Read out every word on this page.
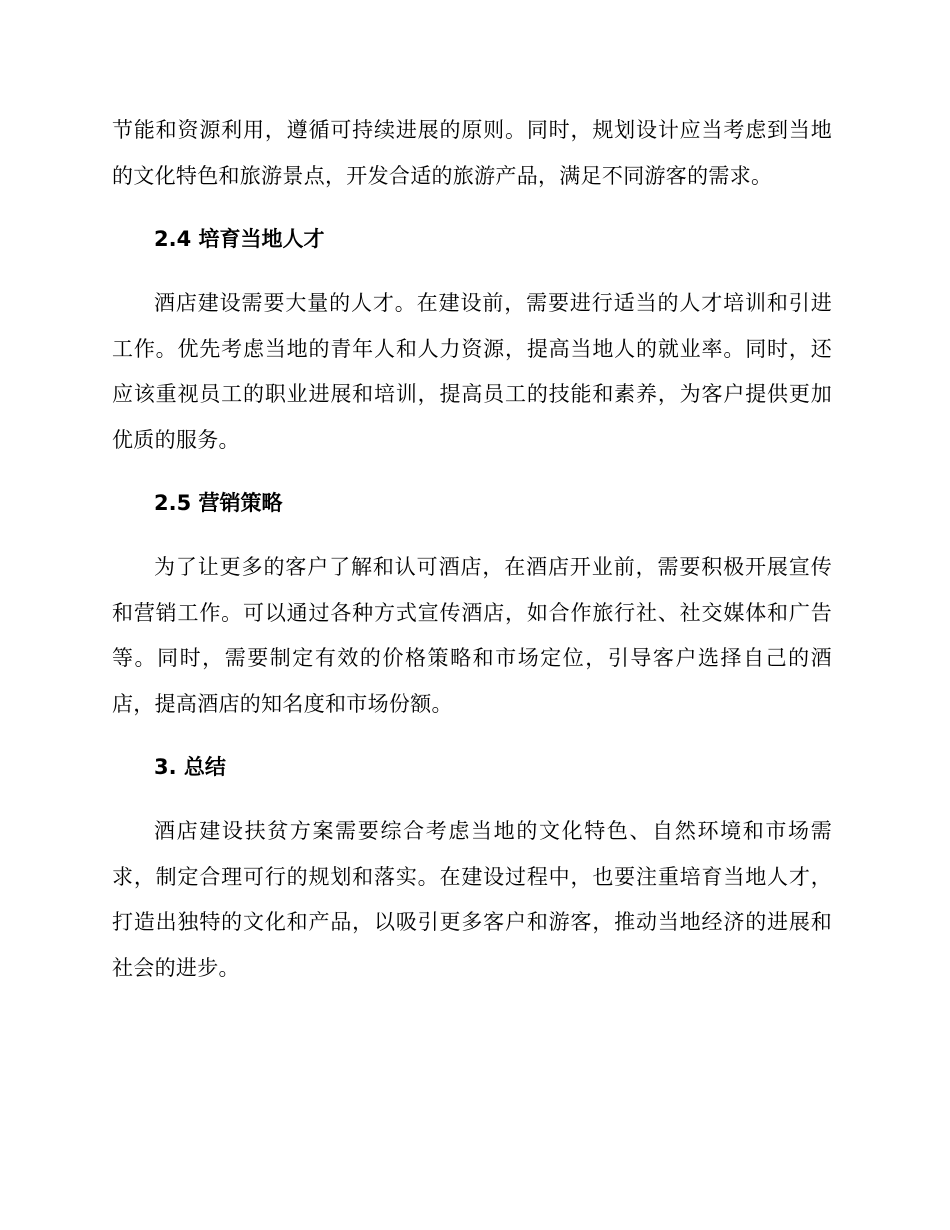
节能和资源利用，遵循可持续进展的原则。同时，规划设计应当考虑到当地的文化特色和旅游景点，开发合适的旅游产品，满足不同游客的需求。

2.4 培育当地人才

酒店建设需要大量的人才。在建设前，需要进行适当的人才培训和引进工作。优先考虑当地的青年人和人力资源，提高当地人的就业率。同时，还应该重视员工的职业进展和培训，提高员工的技能和素养，为客户提供更加优质的服务。

2.5 营销策略

为了让更多的客户了解和认可酒店，在酒店开业前，需要积极开展宣传和营销工作。可以通过各种方式宣传酒店，如合作旅行社、社交媒体和广告等。同时，需要制定有效的价格策略和市场定位，引导客户选择自己的酒店，提高酒店的知名度和市场份额。

3. 总结

酒店建设扶贫方案需要综合考虑当地的文化特色、自然环境和市场需求，制定合理可行的规划和落实。在建设过程中，也要注重培育当地人才，打造出独特的文化和产品，以吸引更多客户和游客，推动当地经济的进展和社会的进步。
